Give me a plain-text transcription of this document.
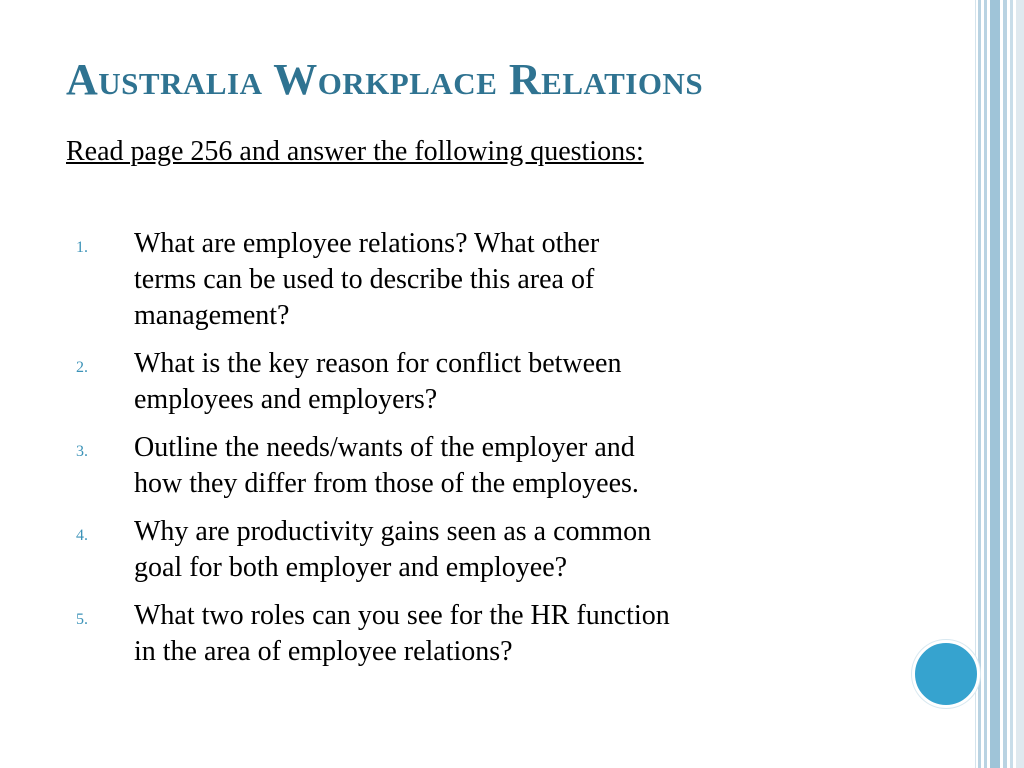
Australia Workplace Relations
Read page 256 and answer the following questions:
1. What are employee relations? What other
terms can be used to describe this area of
management?
2. What is the key reason for conflict between
employees and employers?
3. Outline the needs/wants of the employer and
how they differ from those of the employees.
4. Why are productivity gains seen as a common
goal for both employer and employee?
5. What two roles can you see for the HR function
in the area of employee relations?
